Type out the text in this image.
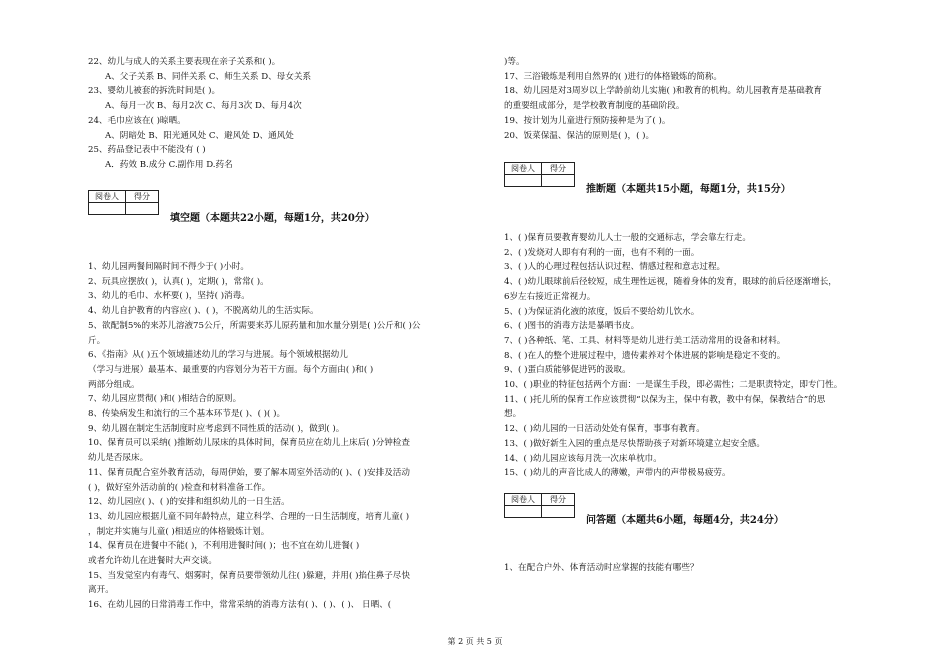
阅卷人	得分

填空题（本题共22小题，每题1分，共20分）
阅卷人	得分

推断题（本题共15小题，每题1分，共15分）
阅卷人	得分

问答题（本题共6小题，每题4分，共24分）
第 2 页 共 5 页
22、幼儿与成人的关系主要表现在亲子关系和( )。
A、父子关系 B、同伴关系 C、师生关系 D、母女关系
23、婴幼儿被套的拆洗时间是( )。
A、每月一次 B、每月2次 C、每月3次 D、每月4次
24、毛巾应该在( )晾晒。
A、阴暗处 B、阳光通风处 C、避风处 D、通风处
25、药品登记表中不能没有 ( )
A．药效 B.成分 C.副作用 D.药名
1、幼儿园两餐间隔时间不得少于( )小时。
2、玩具应摆放( )，认真( )，定期( )，常常( )。
3、幼儿的毛巾、水杯要( )，坚持( )消毒。
4、幼儿自护教育的内容应( )、( )，不脱离幼儿的生活实际。
5、欲配制5%的来苏儿溶液75公斤，所需要来苏儿原药量和加水量分别是( )公斤和( )公
斤。
6、《指南》从( )五个领域描述幼儿的学习与进展。每个领域根据幼儿
（学习与进展）最基本、最重要的内容划分为若干方面。每个方面由( )和( )
两部分组成。
7、幼儿园应贯彻( )和( )相结合的原则。
8、传染病发生和流行的三个基本环节是( )、( )( )。
9、幼儿圆在制定生活制度时应考虑到不同性质的活动( )，做到( )。
10、保育员可以采纳( )推断幼儿尿床的具体时间，保育员应在幼儿上床后( )分钟检查
幼儿是否尿床。
11、保育员配合室外教育活动，每周伊始，要了解本周室外活动的( )、( )安排及活动
( )，做好室外活动前的( )检查和材料准备工作。
12、幼儿园应( )、( )的安排和组织幼儿的一日生活。
13、幼儿园应根据儿童不同年龄特点，建立科学、合理的一日生活制度，培育儿童( )
，制定并实施与儿童( )相适应的体格锻炼计划。
14、保育员在进餐中不能( )，不利用进餐时间( )；也不宜在幼儿进餐( )
或者允许幼儿在进餐时大声交谈。
15、当发觉室内有毒气、烟雾时，保育员要带领幼儿往( )躲避，并用( )掐住鼻子尽快
离开。
16、在幼儿园的日常消毒工作中，常常采纳的消毒方法有( )、( )、( )、 日晒、(
)等。
17、三浴锻炼是利用自然界的( )进行的体格锻炼的简称。
18、幼儿园是对3周岁以上学龄前幼儿实施( )和教育的机构。幼儿园教育是基础教育
的重要组成部分，是学校教育制度的基础阶段。
19、按计划为儿童进行预防接种是为了( )。
20、饭菜保温、保洁的原则是( )，( )。
1、( )保育员要教育婴幼儿人士一般的交通标志，学会靠左行走。
2、( )发烧对人即有有利的一面，也有不利的一面。
3、( )人的心理过程包括认识过程、情感过程和意志过程。
4、( )幼儿眼球前后径较短，成生理性远视，随着身体的发育，眼球的前后径逐渐增长，
6岁左右接近正常视力。
5、( )为保证消化液的浓度，饭后不要给幼儿饮水。
6、( )图书的消毒方法是暴晒书皮。
7、( )各种纸、笔、工具、材料等是幼儿进行美工活动常用的设备和材料。
8、( )在人的整个进展过程中，遗传素养对个体进展的影响是稳定不变的。
9、( )蛋白质能够促进钙的汲取。
10、( )职业的特征包括两个方面：一是谋生手段，即必需性；二是职责特定，即专门性。
11、( )托儿所的保育工作应该贯彻“以保为主，保中有教，教中有保，保教结合”的思
想。
12、( )幼儿园的一日活动处处有保育，事事有教育。
13、( )做好新生入园的重点是尽快帮助孩子对新环境建立起安全感。
14、( )幼儿园应该每月洗一次床单枕巾。
15、( )幼儿的声音比成人的薄嫩，声带内的声带极易疲劳。
1、在配合户外、体育活动时应掌握的技能有哪些？
